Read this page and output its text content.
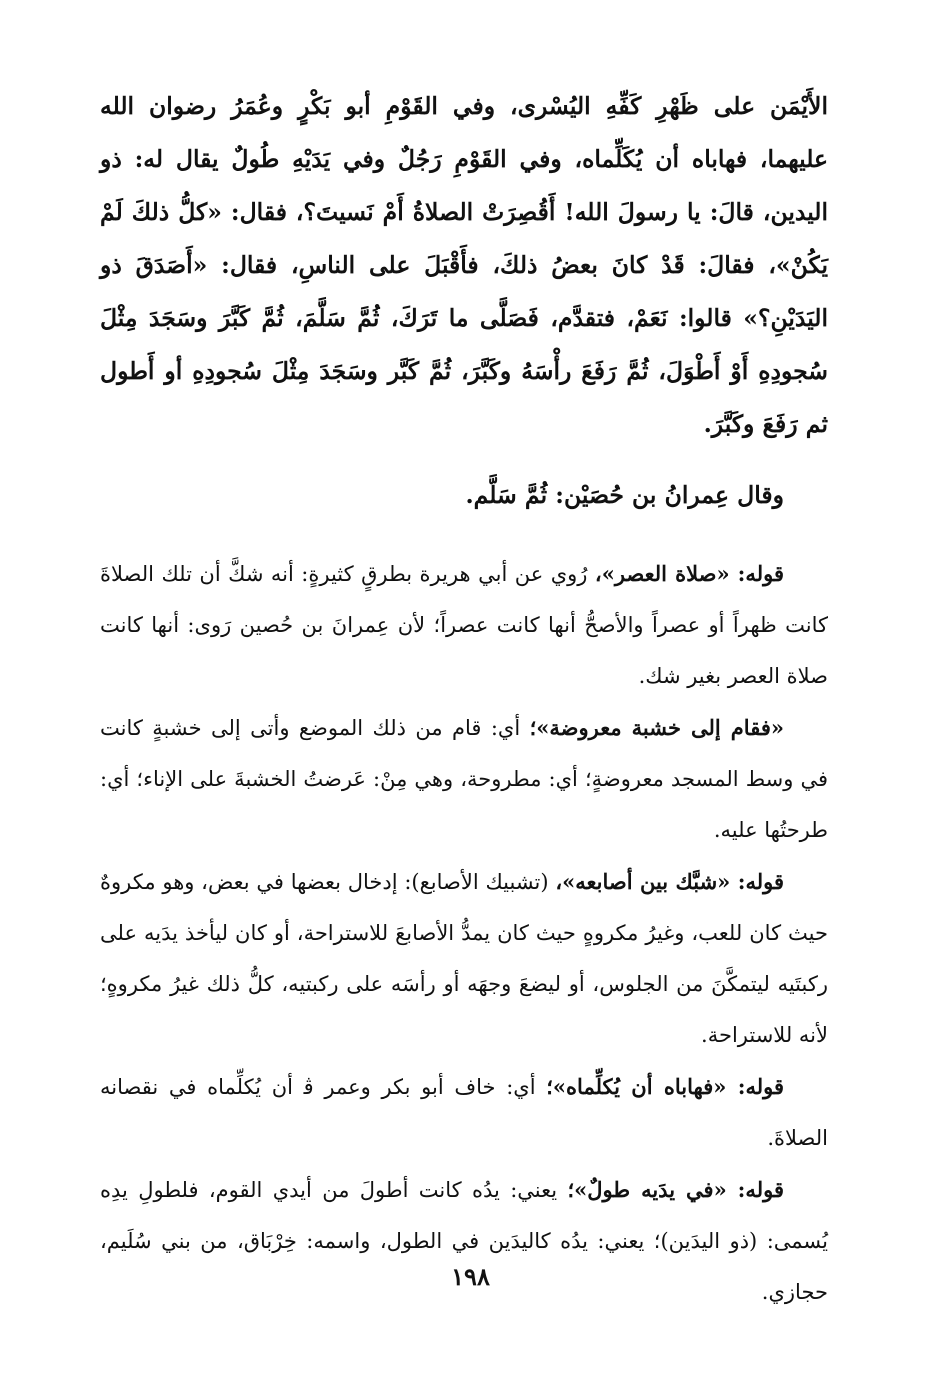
الأَيْمَن على ظَهْرِ كَفِّهِ اليُسْرى، وفي القَوْمِ أبو بَكْرٍ وعُمَرُ رضوان الله عليهما، فهاباه أن يُكَلِّماه، وفي القَوْمِ رَجُلٌ وفي يَدَيْهِ طُولٌ يقال له: ذو اليدين، قالَ: يا رسولَ الله! أَقُصِرَتْ الصلاةُ أَمْ نَسيتَ؟، فقال: «كلُّ ذلكَ لَمْ يَكُنْ»، فقالَ: قَدْ كانَ بعضُ ذلكَ، فأَقْبَلَ على الناسِ، فقال: «أَصَدَقَ ذو اليَدَيْنِ؟» قالوا: نَعَمْ، فتقدَّم، فَصَلَّى ما تَرَكَ، ثُمَّ سَلَّمَ، ثُمَّ كَبَّرَ وسَجَدَ مِثْلَ سُجودِهِ أَوْ أَطْوَلَ، ثُمَّ رَفَعَ رأْسَهُ وكَبَّرَ، ثُمَّ كَبَّر وسَجَدَ مِثْلَ سُجودِهِ أو أَطول ثم رَفَعَ وكَبَّرَ.

وقال عِمرانُ بن حُصَيْن: ثُمَّ سَلَّم.

قوله: «صلاة العصر»، رُوي عن أبي هريرة بطرقٍ كثيرةٍ: أنه شكَّ أن تلك الصلاةَ كانت ظهراً أو عصراً والأصحُّ أنها كانت عصراً؛ لأن عِمرانَ بن حُصين رَوى: أنها كانت صلاة العصر بغير شك.

«فقام إلى خشبة معروضة»؛ أي: قام من ذلك الموضع وأتى إلى خشبةٍ كانت في وسط المسجد معروضةٍ؛ أي: مطروحة، وهي مِنْ: عَرضتُ الخشبةَ على الإناء؛ أي: طرحتُها عليه.

قوله: «شبَّك بين أصابعه»، (تشبيك الأصابع): إدخال بعضها في بعض، وهو مكروهٌ حيث كان للعب، وغيرُ مكروهٍ حيث كان يمدُّ الأصابعَ للاستراحة، أو كان ليأخذ يدَيه على ركبتَيه ليتمكَّنَ من الجلوس، أو ليضعَ وجهَه أو رأسَه على ركبتيه، كلُّ ذلك غيرُ مكروهٍ؛ لأنه للاستراحة.

قوله: «فهاباه أن يُكلِّماه»؛ أي: خاف أبو بكر وعمر ﭬ أن يُكلِّماه في نقصانه الصلاةَ.

قوله: «في يدَيه طولٌ»؛ يعني: يدُه كانت أطولَ من أيدي القوم، فلطولِ يدِه يُسمى: (ذو اليدَين)؛ يعني: يدُه كاليدَين في الطول، واسمه: خِرْبَاق، من بني سُلَيم، حجازي.

١٩٨
